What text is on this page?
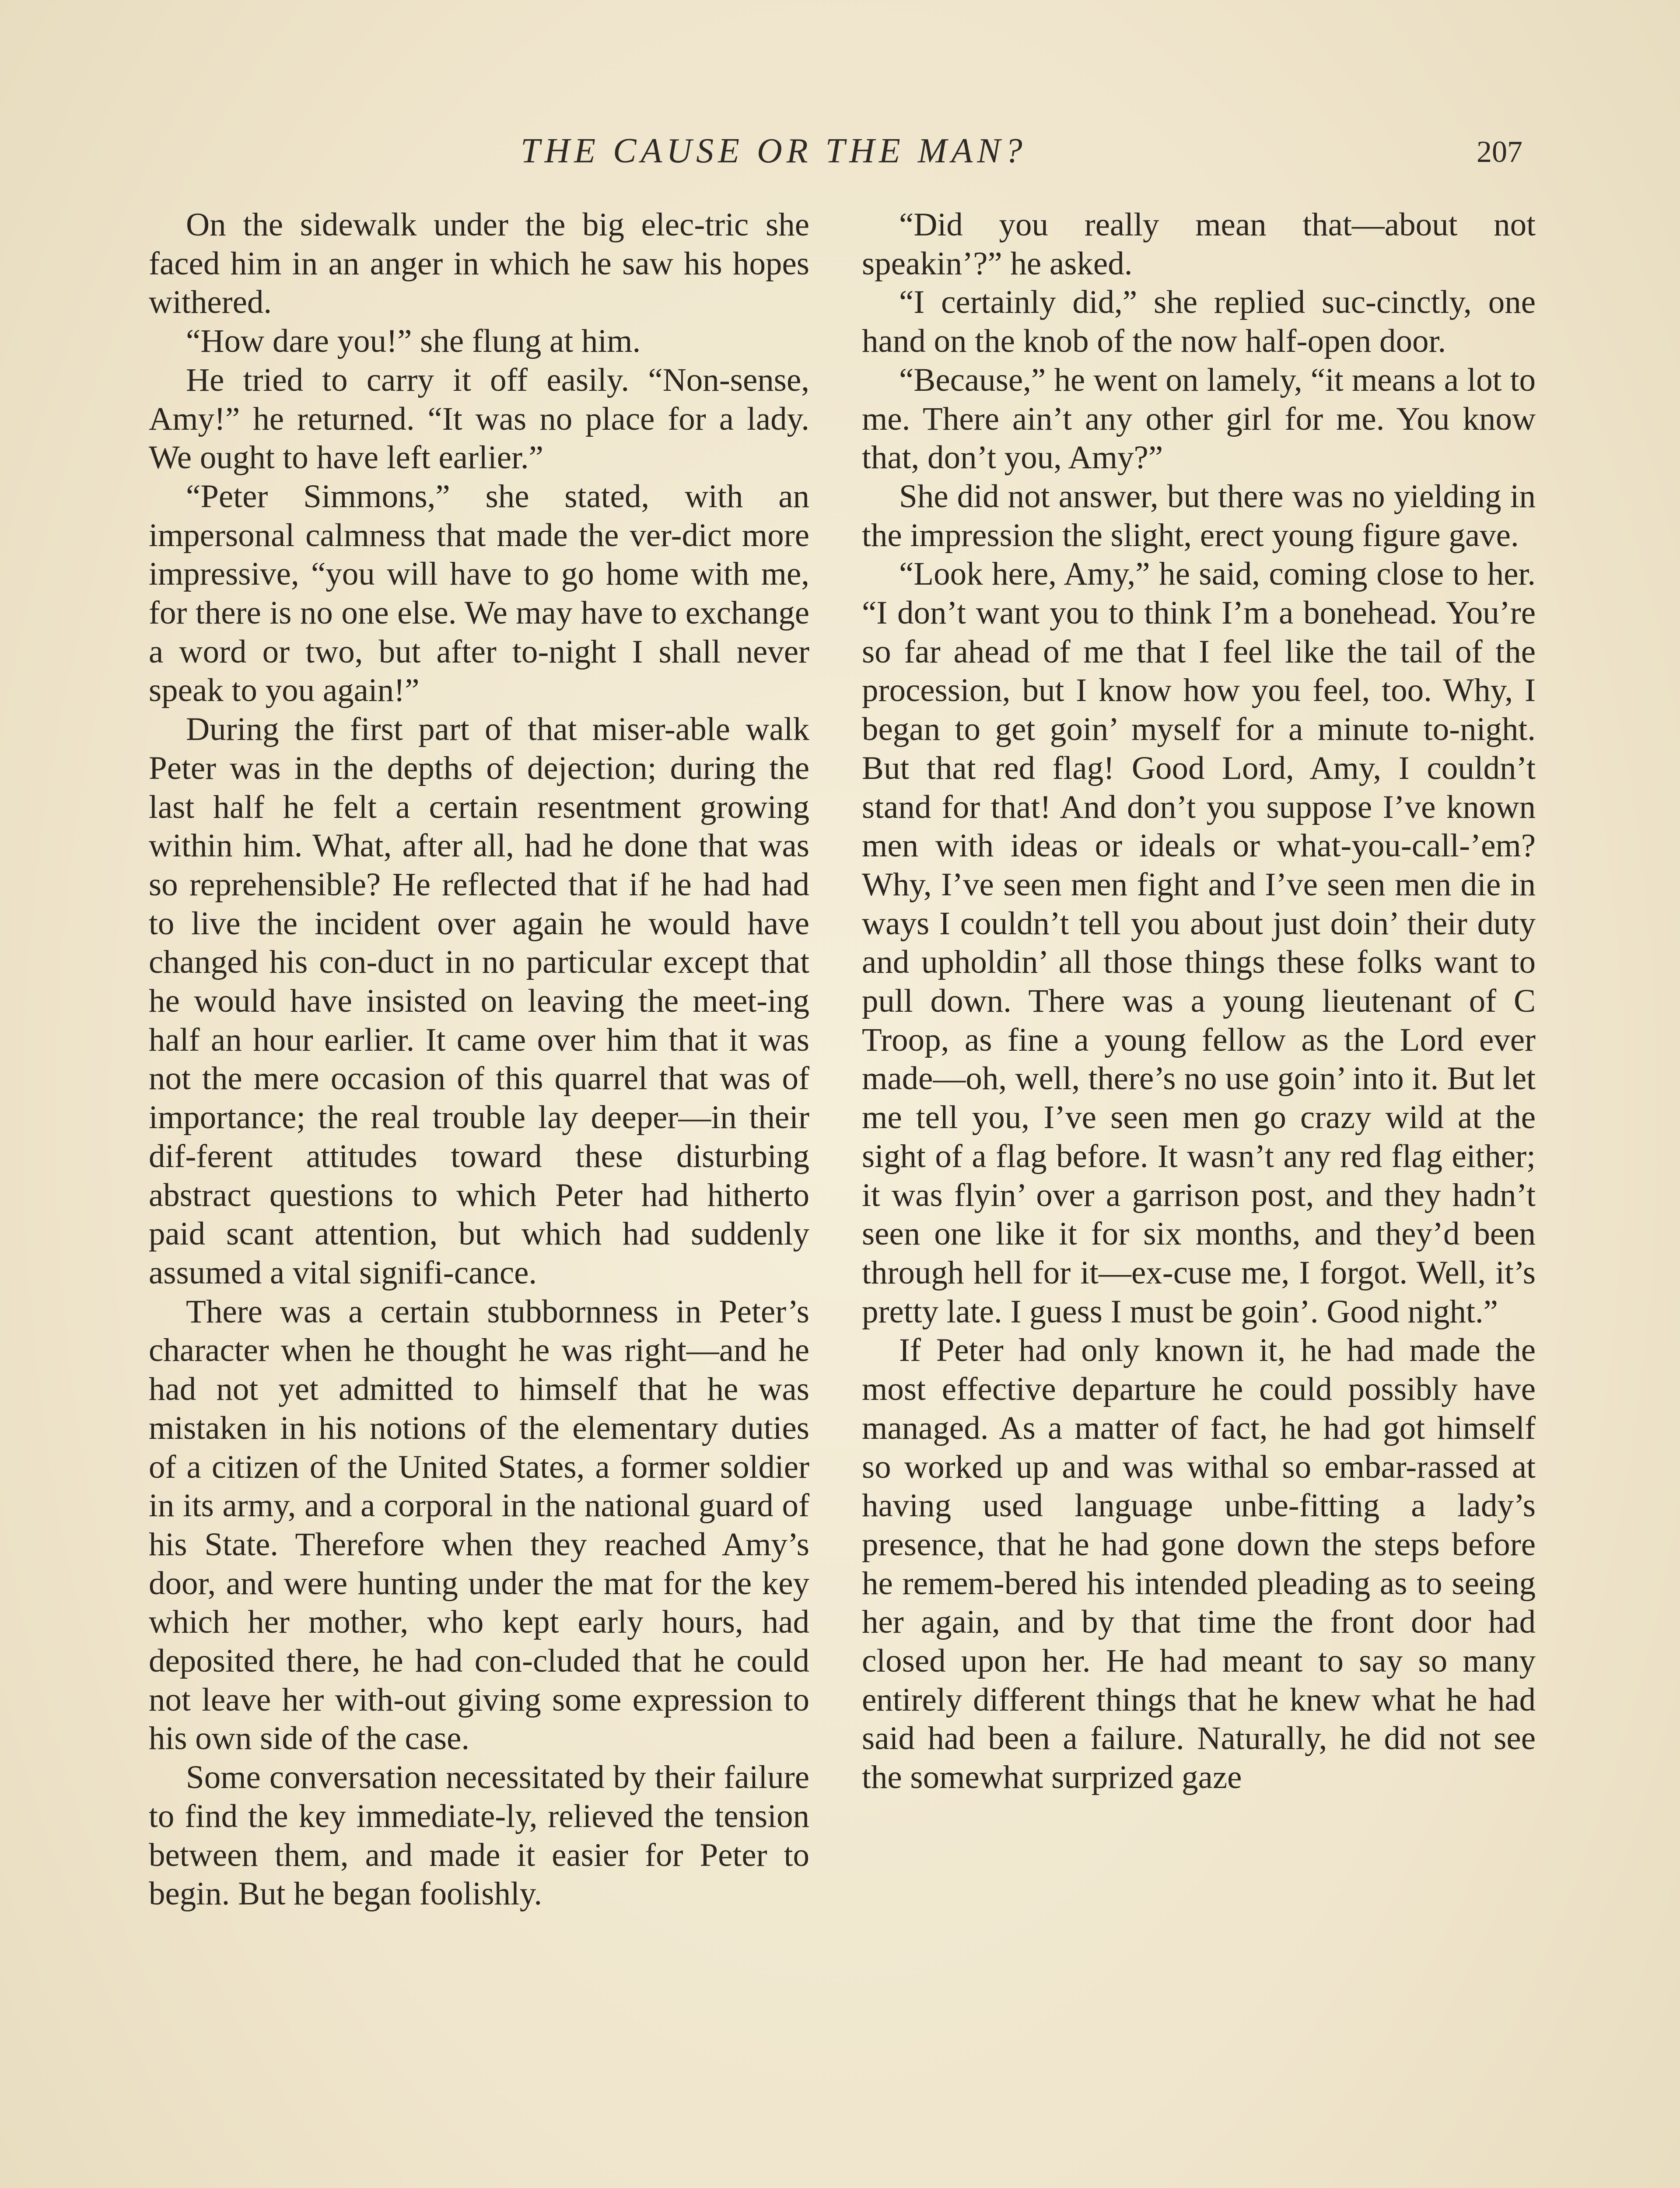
THE CAUSE OR THE MAN?	207

On the sidewalk under the big elec-tric she faced him in an anger in which he saw his hopes withered.

“How dare you!” she flung at him.

He tried to carry it off easily. “Non-sense, Amy!” he returned. “It was no place for a lady. We ought to have left earlier.”

“Peter Simmons,” she stated, with an impersonal calmness that made the ver-dict more impressive, “you will have to go home with me, for there is no one else. We may have to exchange a word or two, but after to-night I shall never speak to you again!”

During the first part of that miser-able walk Peter was in the depths of dejection; during the last half he felt a certain resentment growing within him. What, after all, had he done that was so reprehensible? He reflected that if he had had to live the incident over again he would have changed his con-duct in no particular except that he would have insisted on leaving the meet-ing half an hour earlier. It came over him that it was not the mere occasion of this quarrel that was of importance; the real trouble lay deeper—in their dif-ferent attitudes toward these disturbing abstract questions to which Peter had hitherto paid scant attention, but which had suddenly assumed a vital signifi-cance.

There was a certain stubbornness in Peter’s character when he thought he was right—and he had not yet admitted to himself that he was mistaken in his notions of the elementary duties of a citizen of the United States, a former soldier in its army, and a corporal in the national guard of his State. Therefore when they reached Amy’s door, and were hunting under the mat for the key which her mother, who kept early hours, had deposited there, he had con-cluded that he could not leave her with-out giving some expression to his own side of the case.

Some conversation necessitated by their failure to find the key immediate-ly, relieved the tension between them, and made it easier for Peter to begin. But he began foolishly.

“Did you really mean that—about not speakin’?” he asked.

“I certainly did,” she replied suc-cinctly, one hand on the knob of the now half-open door.

“Because,” he went on lamely, “it means a lot to me. There ain’t any other girl for me. You know that, don’t you, Amy?”

She did not answer, but there was no yielding in the impression the slight, erect young figure gave.

“Look here, Amy,” he said, coming close to her. “I don’t want you to think I’m a bonehead. You’re so far ahead of me that I feel like the tail of the procession, but I know how you feel, too. Why, I began to get goin’ myself for a minute to-night. But that red flag! Good Lord, Amy, I couldn’t stand for that! And don’t you suppose I’ve known men with ideas or ideals or what-you-call-’em? Why, I’ve seen men fight and I’ve seen men die in ways I couldn’t tell you about just doin’ their duty and upholdin’ all those things these folks want to pull down. There was a young lieutenant of C Troop, as fine a young fellow as the Lord ever made—oh, well, there’s no use goin’ into it. But let me tell you, I’ve seen men go crazy wild at the sight of a flag before. It wasn’t any red flag either; it was flyin’ over a garrison post, and they hadn’t seen one like it for six months, and they’d been through hell for it—ex-cuse me, I forgot. Well, it’s pretty late. I guess I must be goin’. Good night.”

If Peter had only known it, he had made the most effective departure he could possibly have managed. As a matter of fact, he had got himself so worked up and was withal so embar-rassed at having used language unbe-fitting a lady’s presence, that he had gone down the steps before he remem-bered his intended pleading as to seeing her again, and by that time the front door had closed upon her. He had meant to say so many entirely different things that he knew what he had said had been a failure. Naturally, he did not see the somewhat surprized gaze
